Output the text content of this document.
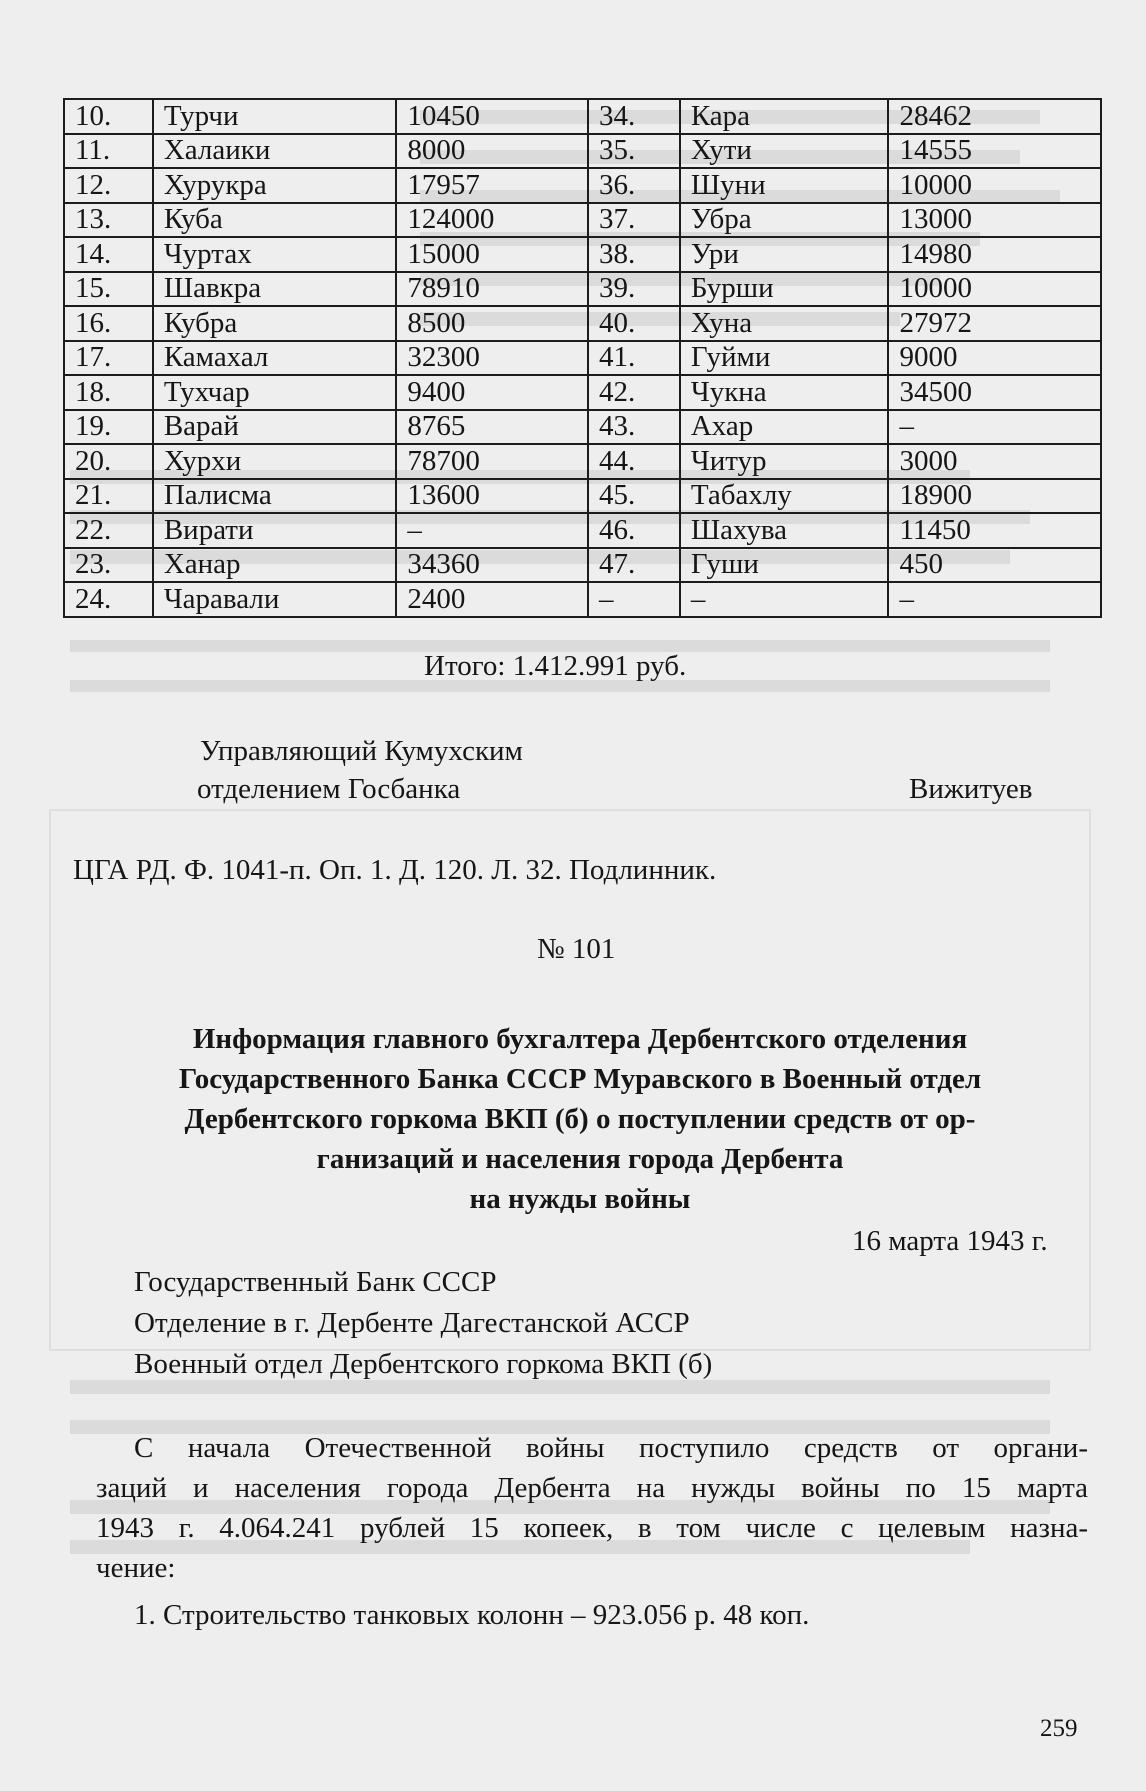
10.	Турчи	10450	34.	Кара	28462
11.	Халаики	8000	35.	Хути	14555
12.	Хурукра	17957	36.	Шуни	10000
13.	Куба	124000	37.	Убра	13000
14.	Чуртах	15000	38.	Ури	14980
15.	Шавкра	78910	39.	Бурши	10000
16.	Кубра	8500	40.	Хуна	27972
17.	Камахал	32300	41.	Гуйми	9000
18.	Тухчар	9400	42.	Чукна	34500
19.	Варай	8765	43.	Ахар	–
20.	Хурхи	78700	44.	Читур	3000
21.	Палисма	13600	45.	Табахлу	18900
22.	Вирати	–	46.	Шахува	11450
23.	Ханар	34360	47.	Гуши	450
24.	Чаравали	2400	–	–	–
Итого: 1.412.991 руб.
Управляющий Кумухским
отделением Госбанка	Вижитуев
ЦГА РД. Ф. 1041-п. Оп. 1. Д. 120. Л. 32. Подлинник.
№ 101
Информация главного бухгалтера Дербентского отделения
Государственного Банка СССР Муравского в Военный отдел
Дербентского горкома ВКП (б) о поступлении средств от ор-
ганизаций и населения города Дербента
на нужды войны
16 марта 1943 г.
Государственный Банк СССР
Отделение в г. Дербенте Дагестанской АССР
Военный отдел Дербентского горкома ВКП (б)
С начала Отечественной войны поступило средств от органи-
заций и населения города Дербента на нужды войны по 15 марта
1943 г. 4.064.241 рублей 15 копеек, в том числе с целевым назна-
чение:
1. Строительство танковых колонн – 923.056 р. 48 коп.
259
